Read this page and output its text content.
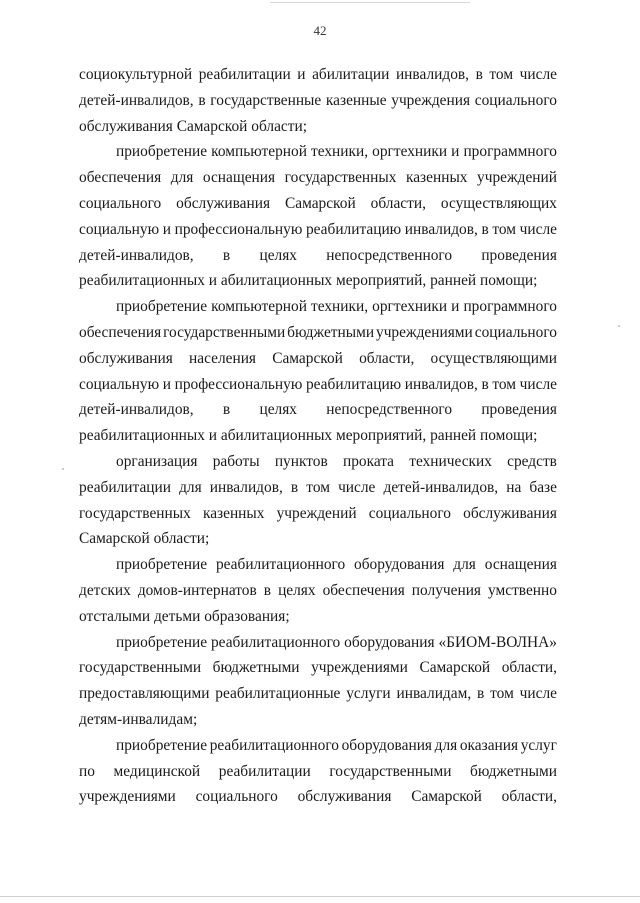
42
социокультурной реабилитации и абилитации инвалидов, в том числе
детей-инвалидов, в государственные казенные учреждения социального
обслуживания Самарской области;
приобретение компьютерной техники, оргтехники и программного
обеспечения для оснащения государственных казенных учреждений
социального обслуживания Самарской области, осуществляющих
социальную и профессиональную реабилитацию инвалидов, в том числе
детей-инвалидов, в целях непосредственного проведения
реабилитационных и абилитационных мероприятий, ранней помощи;
приобретение компьютерной техники, оргтехники и программного
обеспечения государственными бюджетными учреждениями социального
обслуживания населения Самарской области, осуществляющими
социальную и профессиональную реабилитацию инвалидов, в том числе
детей-инвалидов, в целях непосредственного проведения
реабилитационных и абилитационных мероприятий, ранней помощи;
организация работы пунктов проката технических средств
реабилитации для инвалидов, в том числе детей-инвалидов, на базе
государственных казенных учреждений социального обслуживания
Самарской области;
приобретение реабилитационного оборудования для оснащения
детских домов-интернатов в целях обеспечения получения умственно
отсталыми детьми образования;
приобретение реабилитационного оборудования «БИОМ-ВОЛНА»
государственными бюджетными учреждениями Самарской области,
предоставляющими реабилитационные услуги инвалидам, в том числе
детям-инвалидам;
приобретение реабилитационного оборудования для оказания услуг
по медицинской реабилитации государственными бюджетными
учреждениями социального обслуживания Самарской области,
